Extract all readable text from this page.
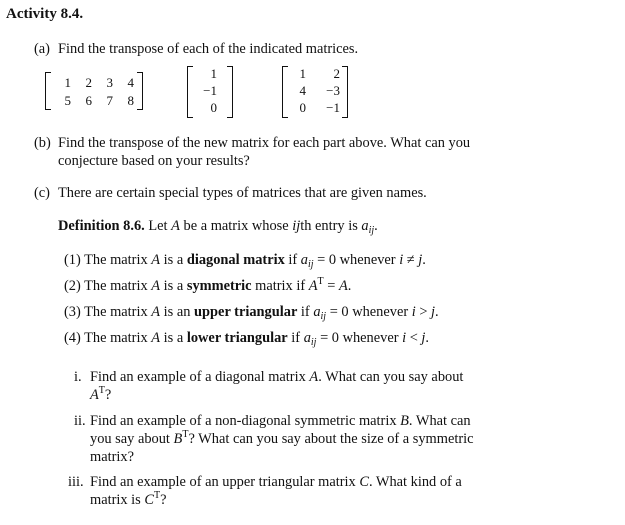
Activity 8.4.
(a) Find the transpose of each of the indicated matrices.
1	2	3	4
5	6	7	8
1
−1
0
1	2
4	−3
0	−1
(b) Find the transpose of the new matrix for each part above. What can you
conjecture based on your results?
(c) There are certain special types of matrices that are given names.
Definition 8.6. Let A be a matrix whose ijth entry is $a_{ij}$.
(1) The matrix A is a diagonal matrix if $a_{ij} = 0$ whenever i ≠ j.
(2) The matrix A is a symmetric matrix if $A^T = A$.
(3) The matrix A is an upper triangular if $a_{ij} = 0$ whenever i > j.
(4) The matrix A is a lower triangular if $a_{ij} = 0$ whenever i < j.
i. Find an example of a diagonal matrix A. What can you say about
$A^T$?
ii. Find an example of a non-diagonal symmetric matrix B. What can
you say about $B^T$? What can you say about the size of a symmetric
matrix?
iii. Find an example of an upper triangular matrix C. What kind of a
matrix is $C^T$?
